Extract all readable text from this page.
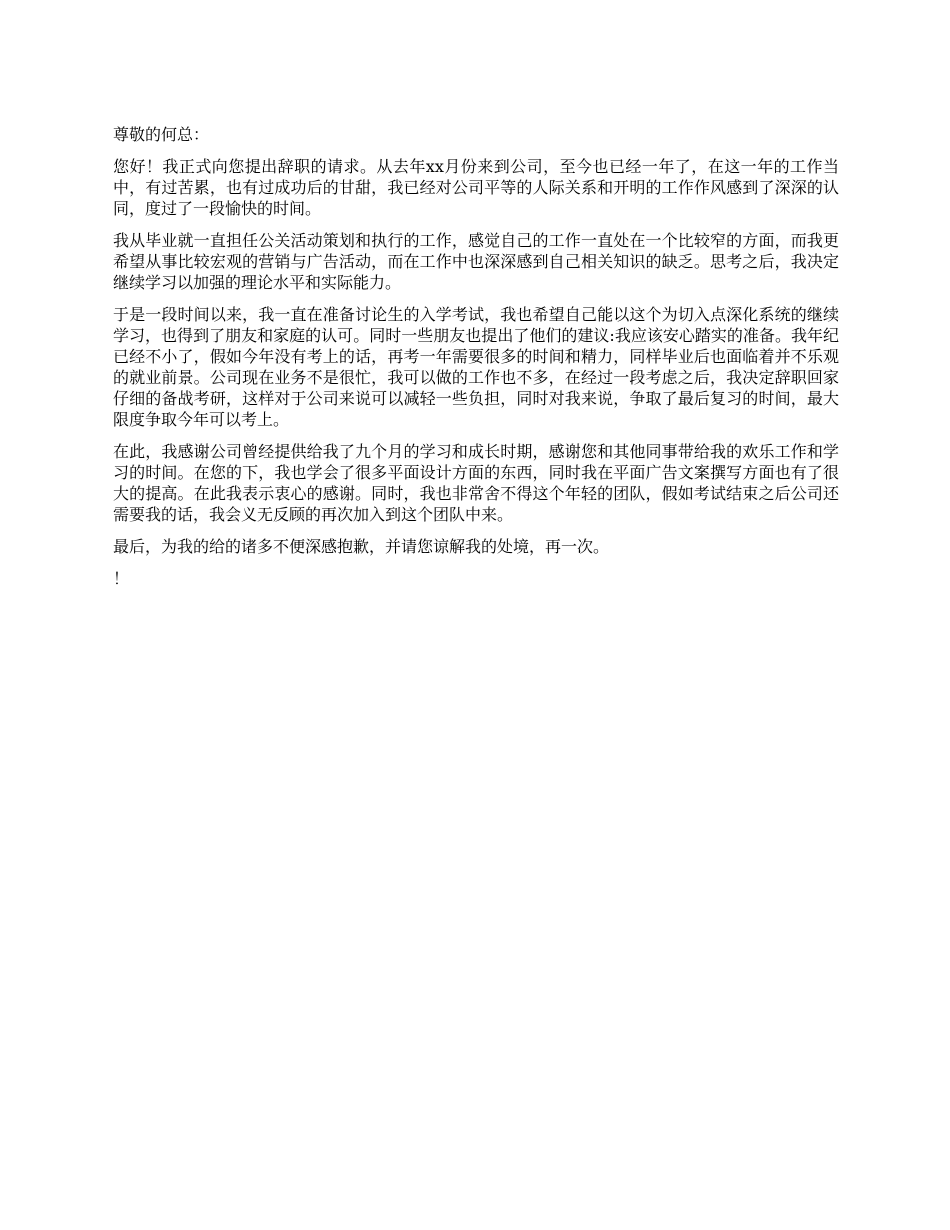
尊敬的何总：

您好！我正式向您提出辞职的请求。从去年xx月份来到公司，至今也已经一年了，在这一年的工作当中，有过苦累，也有过成功后的甘甜，我已经对公司平等的人际关系和开明的工作作风感到了深深的认同，度过了一段愉快的时间。

我从毕业就一直担任公关活动策划和执行的工作，感觉自己的工作一直处在一个比较窄的方面，而我更希望从事比较宏观的营销与广告活动，而在工作中也深深感到自己相关知识的缺乏。思考之后，我决定继续学习以加强的理论水平和实际能力。

于是一段时间以来，我一直在准备讨论生的入学考试，我也希望自己能以这个为切入点深化系统的继续学习，也得到了朋友和家庭的认可。同时一些朋友也提出了他们的建议:我应该安心踏实的准备。我年纪已经不小了，假如今年没有考上的话，再考一年需要很多的时间和精力，同样毕业后也面临着并不乐观的就业前景。公司现在业务不是很忙，我可以做的工作也不多，在经过一段考虑之后，我决定辞职回家仔细的备战考研，这样对于公司来说可以减轻一些负担，同时对我来说，争取了最后复习的时间，最大限度争取今年可以考上。

在此，我感谢公司曾经提供给我了九个月的学习和成长时期，感谢您和其他同事带给我的欢乐工作和学习的时间。在您的下，我也学会了很多平面设计方面的东西，同时我在平面广告文案撰写方面也有了很大的提高。在此我表示衷心的感谢。同时，我也非常舍不得这个年轻的团队，假如考试结束之后公司还需要我的话，我会义无反顾的再次加入到这个团队中来。

最后，为我的给的诸多不便深感抱歉，并请您谅解我的处境，再一次。

！
